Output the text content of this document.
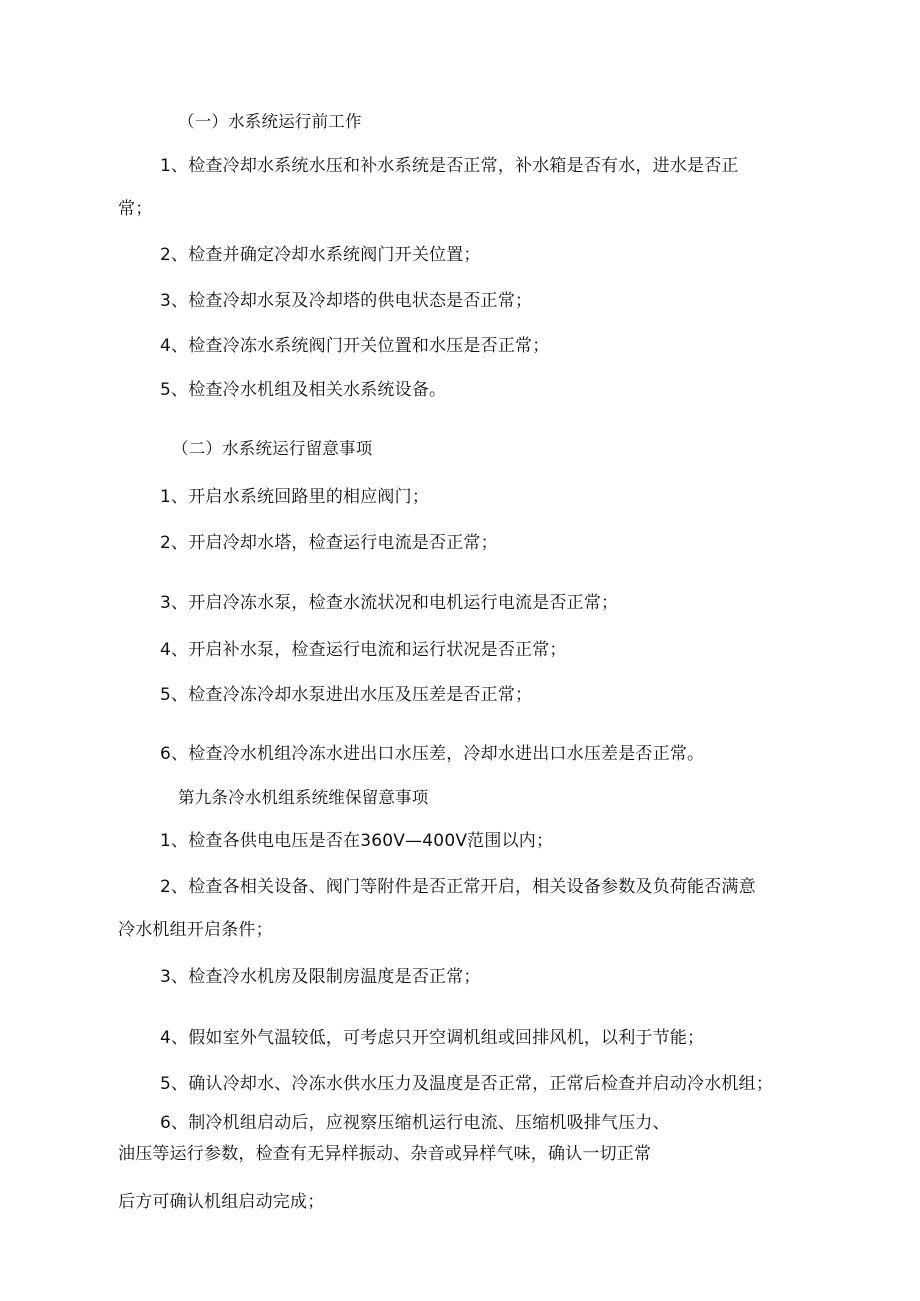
（一）水系统运行前工作
1、检查冷却水系统水压和补水系统是否正常，补水箱是否有水，进水是否正
常；
2、检查并确定冷却水系统阀门开关位置；
3、检查冷却水泵及冷却塔的供电状态是否正常；
4、检查冷冻水系统阀门开关位置和水压是否正常；
5、检查冷水机组及相关水系统设备。
（二）水系统运行留意事项
1、开启水系统回路里的相应阀门；
2、开启冷却水塔，检查运行电流是否正常；
3、开启冷冻水泵，检查水流状况和电机运行电流是否正常；
4、开启补水泵，检查运行电流和运行状况是否正常；
5、检查冷冻冷却水泵进出水压及压差是否正常；
6、检查冷水机组冷冻水进出口水压差，冷却水进出口水压差是否正常。
第九条冷水机组系统维保留意事项
1、检查各供电电压是否在360V—400V范围以内；
2、检查各相关设备、阀门等附件是否正常开启，相关设备参数及负荷能否满意
冷水机组开启条件；
3、检查冷水机房及限制房温度是否正常；
4、假如室外气温较低，可考虑只开空调机组或回排风机，以利于节能；
5、确认冷却水、冷冻水供水压力及温度是否正常，正常后检查并启动冷水机组；
6、制冷机组启动后，应视察压缩机运行电流、压缩机吸排气压力、
油压等运行参数，检查有无异样振动、杂音或异样气味，确认一切正常
后方可确认机组启动完成；
